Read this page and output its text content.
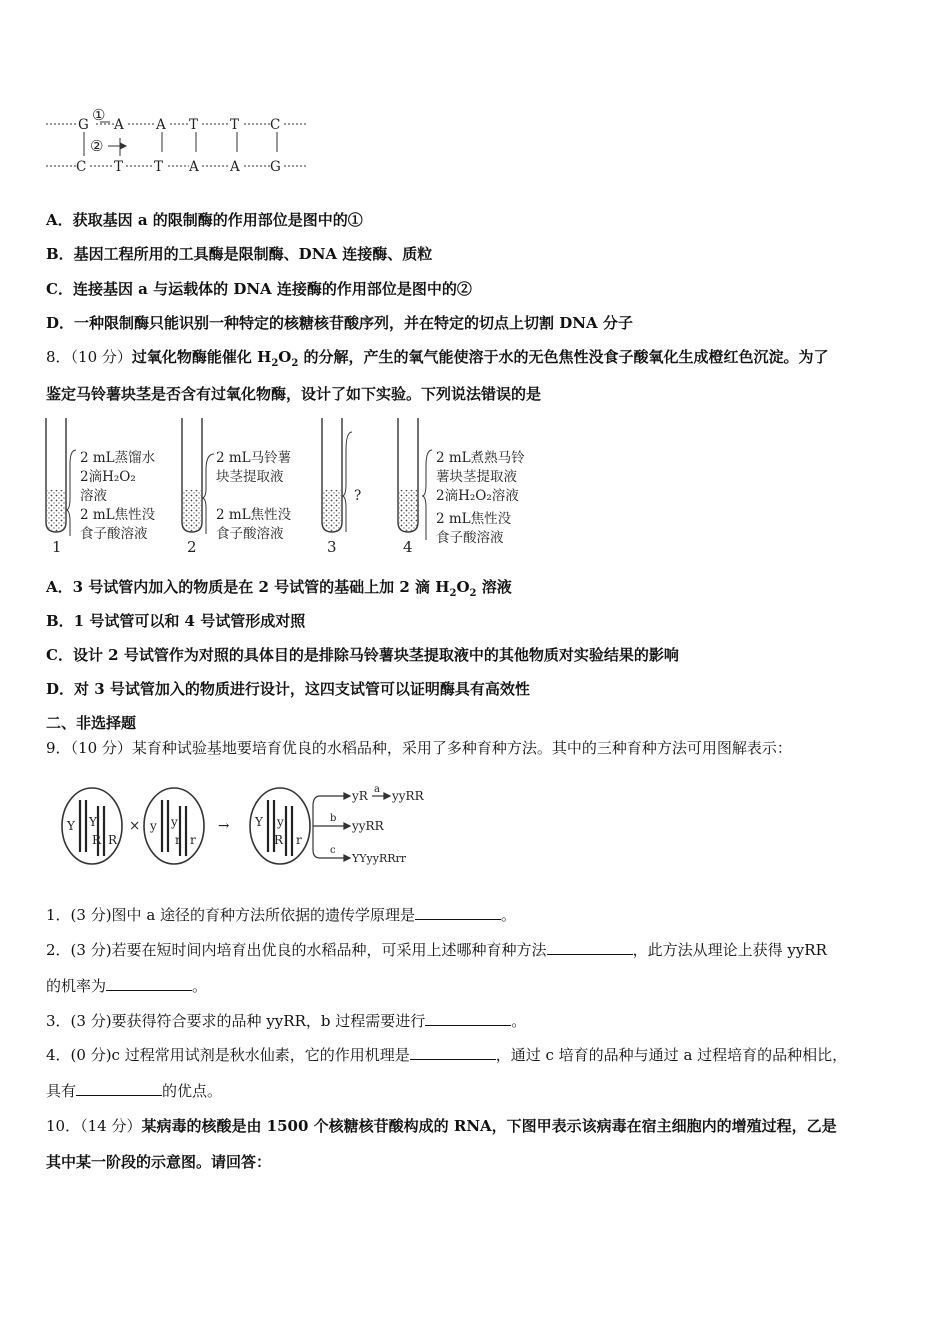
G A A T T C
C T T A A G
①
②
A．获取基因 a 的限制酶的作用部位是图中的①
B．基因工程所用的工具酶是限制酶、DNA 连接酶、质粒
C．连接基因 a 与运载体的 DNA 连接酶的作用部位是图中的②
D．一种限制酶只能识别一种特定的核糖核苷酸序列，并在特定的切点上切割 DNA 分子
8．（10 分）过氧化物酶能催化 $H_2O_2$ 的分解，产生的氧气能使溶于水的无色焦性没食子酸氧化生成橙红色沉淀。为了
鉴定马铃薯块茎是否含有过氧化物酶，设计了如下实验。下列说法错误的是
2 mL蒸馏水
2滴H₂O₂
溶液
2 mL焦性没
食子酸溶液
1
2 mL马铃薯
块茎提取液
2 mL焦性没
食子酸溶液
2
?
3
2 mL煮熟马铃
薯块茎提取液
2滴H₂O₂溶液
2 mL焦性没
食子酸溶液
4
A．3 号试管内加入的物质是在 2 号试管的基础上加 2 滴 $H_2O_2$ 溶液
B．1 号试管可以和 4 号试管形成对照
C．设计 2 号试管作为对照的具体目的是排除马铃薯块茎提取液中的其他物质对实验结果的影响
D．对 3 号试管加入的物质进行设计，这四支试管可以证明酶具有高效性
二、非选择题
9．（10 分）某育种试验基地要培育优良的水稻品种，采用了多种育种方法。其中的三种育种方法可用图解表示：
Y Y
R R
× y y
r r
→ Y y
R r
yR a yyRR
b
yyRR
c
YYyyRRrr
1．(3 分)图中 a 途径的育种方法所依据的遗传学原理是	。
2．(3 分)若要在短时间内培育出优良的水稻品种，可采用上述哪种育种方法	，此方法从理论上获得 yyRR
的机率为	。
3．(3 分)要获得符合要求的品种 yyRR，b 过程需要进行	。
4．(0 分)c 过程常用试剂是秋水仙素，它的作用机理是	，通过 c 培育的品种与通过 a 过程培育的品种相比，
具有	的优点。
10．（14 分）某病毒的核酸是由 1500 个核糖核苷酸构成的 RNA，下图甲表示该病毒在宿主细胞内的增殖过程，乙是
其中某一阶段的示意图。请回答：
